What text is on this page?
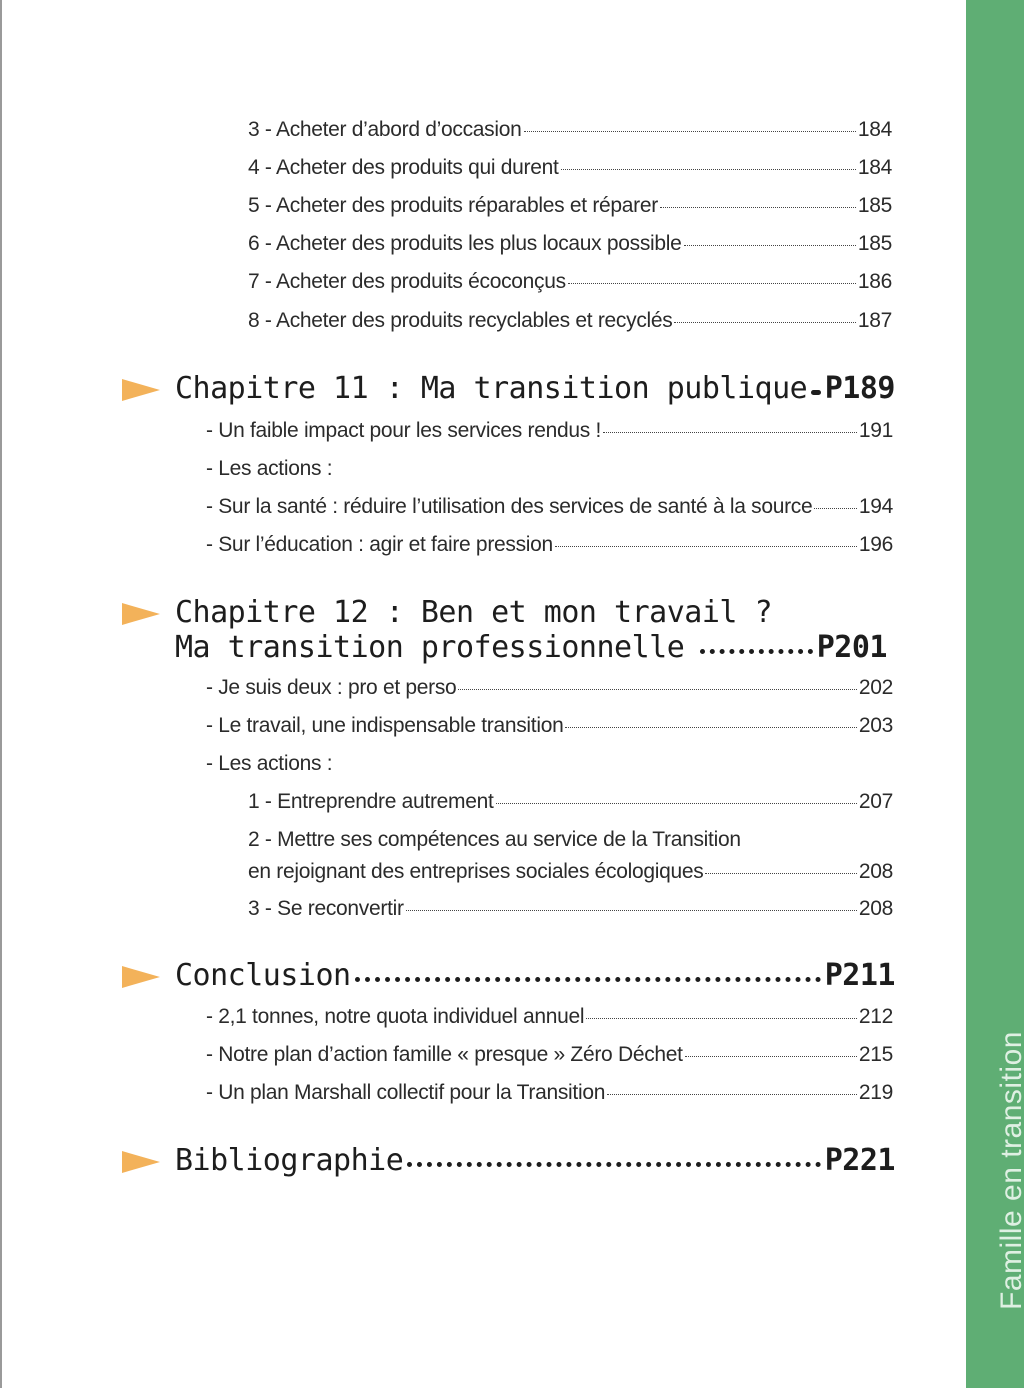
Famille en transition
3 - Acheter d’abord d’occasion	184
4 - Acheter des produits qui durent	184
5 - Acheter des produits réparables et réparer	185
6 - Acheter des produits les plus locaux possible	185
7 - Acheter des produits écoconçus	186
8 - Acheter des produits recyclables et recyclés	187
Chapitre 11 : Ma transition publique P189
- Un faible impact pour les services rendus !	191
- Les actions :
- Sur la santé : réduire l’utilisation des services de santé à la source 194
- Sur l’éducation : agir et faire pression	196
Chapitre 12 : Ben et mon travail ?
Ma transition professionnelle	P201
- Je suis deux : pro et perso	202
- Le travail, une indispensable transition	203
- Les actions :
1 - Entreprendre autrement	207
2 - Mettre ses compétences au service de la Transition
en rejoignant des entreprises sociales écologiques	208
3 - Se reconvertir	208
Conclusion	P211
- 2,1 tonnes, notre quota individuel annuel	212
- Notre plan d’action famille « presque » Zéro Déchet	215
- Un plan Marshall collectif pour la Transition	219
Bibliographie	P221
